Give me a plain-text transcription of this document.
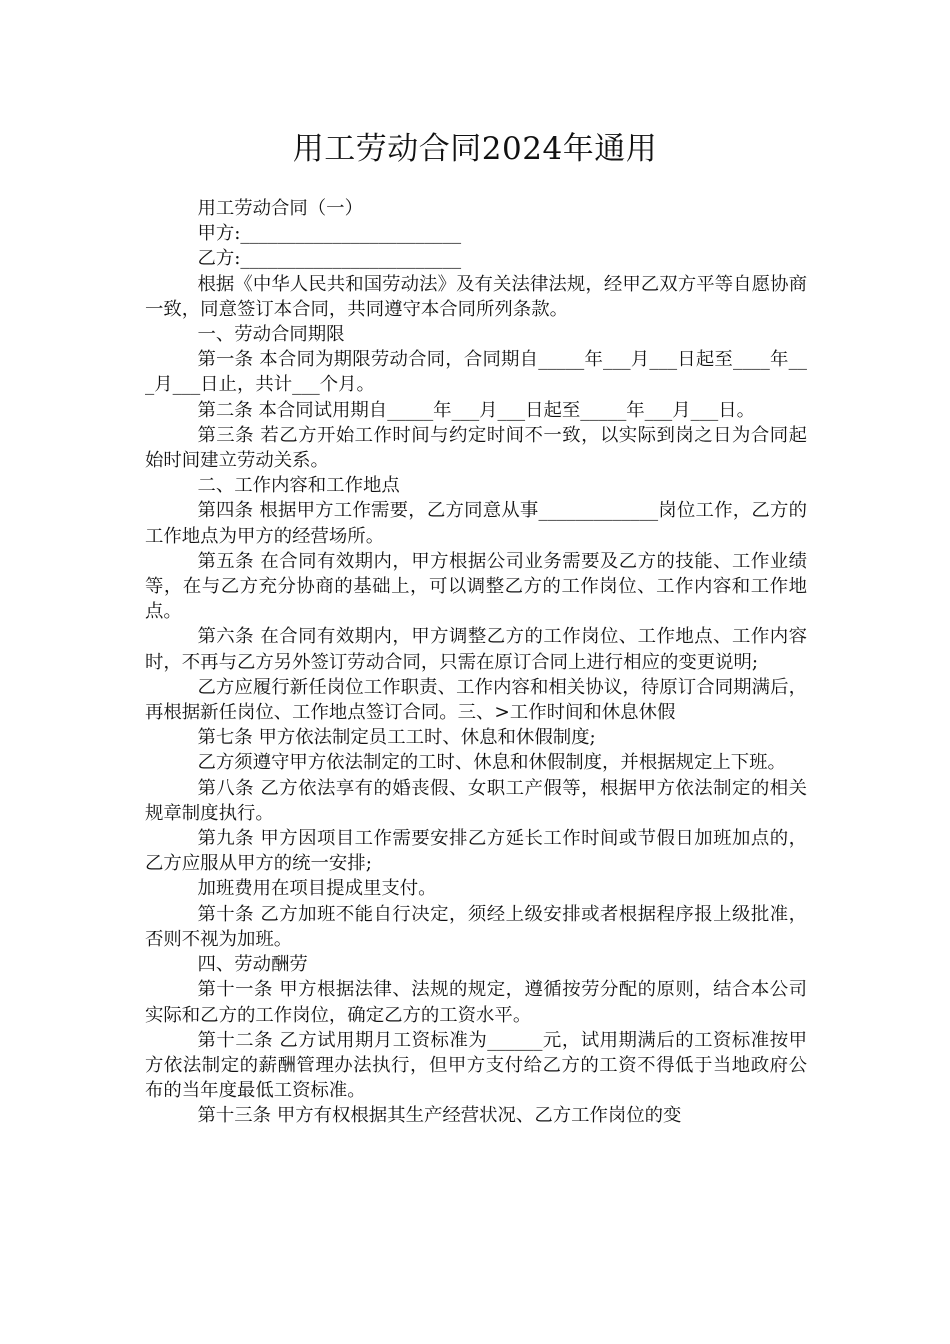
用工劳动合同2024年通用

用工劳动合同（一）

甲方:________________________

乙方:________________________

根据《中华人民共和国劳动法》及有关法律法规，经甲乙双方平等自愿协商一致，同意签订本合同，共同遵守本合同所列条款。

一、劳动合同期限

第一条 本合同为期限劳动合同，合同期自_____年___月___日起至____年___月___日止，共计___个月。

第二条 本合同试用期自_____年___月___日起至_____年___月___日。

第三条 若乙方开始工作时间与约定时间不一致，以实际到岗之日为合同起始时间建立劳动关系。

二、工作内容和工作地点

第四条 根据甲方工作需要，乙方同意从事_____________岗位工作，乙方的工作地点为甲方的经营场所。

第五条 在合同有效期内，甲方根据公司业务需要及乙方的技能、工作业绩等，在与乙方充分协商的基础上，可以调整乙方的工作岗位、工作内容和工作地点。

第六条 在合同有效期内，甲方调整乙方的工作岗位、工作地点、工作内容时，不再与乙方另外签订劳动合同，只需在原订合同上进行相应的变更说明;

乙方应履行新任岗位工作职责、工作内容和相关协议，待原订合同期满后，再根据新任岗位、工作地点签订合同。三、>工作时间和休息休假

第七条 甲方依法制定员工工时、休息和休假制度;

乙方须遵守甲方依法制定的工时、休息和休假制度，并根据规定上下班。

第八条 乙方依法享有的婚丧假、女职工产假等，根据甲方依法制定的相关规章制度执行。

第九条 甲方因项目工作需要安排乙方延长工作时间或节假日加班加点的，乙方应服从甲方的统一安排;

加班费用在项目提成里支付。

第十条 乙方加班不能自行决定，须经上级安排或者根据程序报上级批准，否则不视为加班。

四、劳动酬劳

第十一条 甲方根据法律、法规的规定，遵循按劳分配的原则，结合本公司实际和乙方的工作岗位，确定乙方的工资水平。

第十二条 乙方试用期月工资标准为______元，试用期满后的工资标准按甲方依法制定的薪酬管理办法执行，但甲方支付给乙方的工资不得低于当地政府公布的当年度最低工资标准。

第十三条 甲方有权根据其生产经营状况、乙方工作岗位的变
